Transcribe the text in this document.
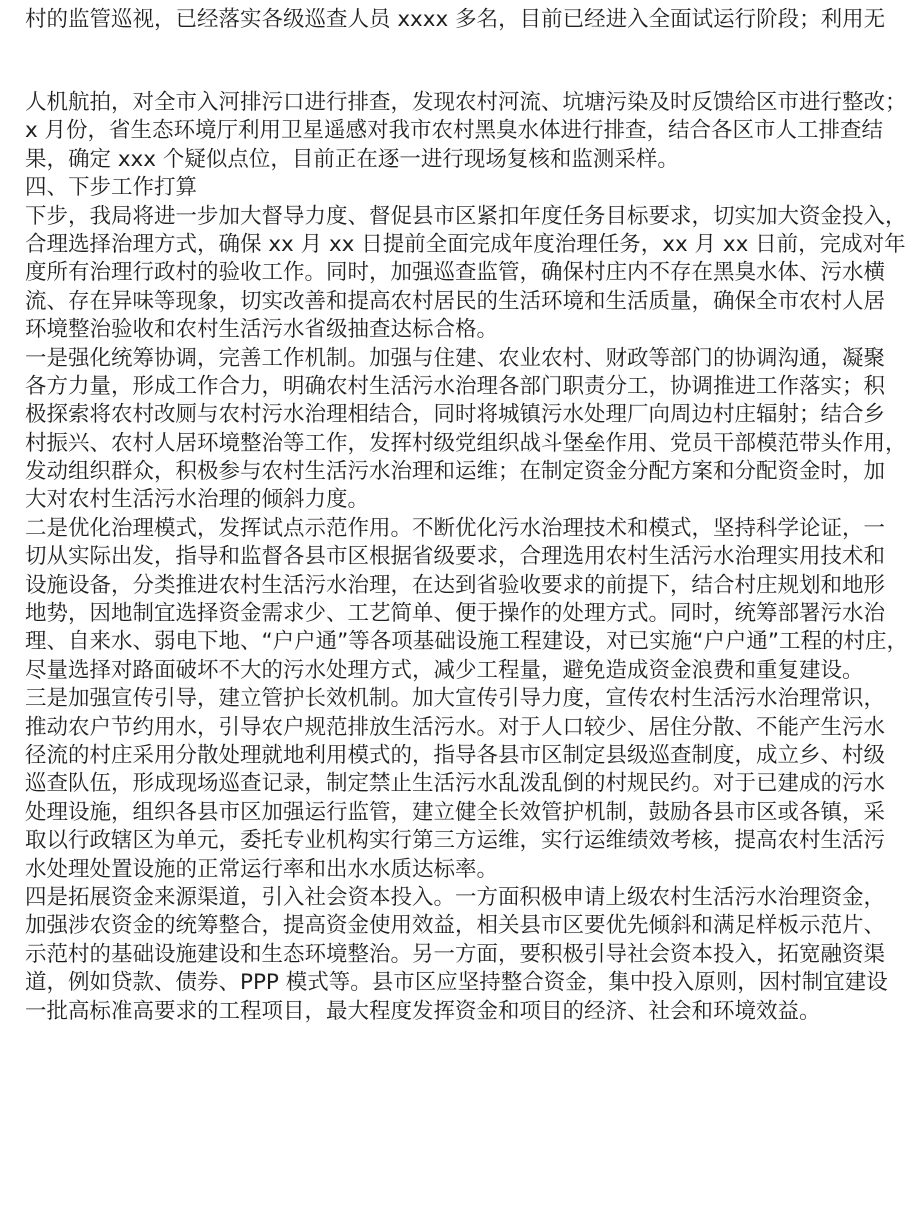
村的监管巡视，已经落实各级巡查人员 xxxx 多名，目前已经进入全面试运行阶段；利用无
人机航拍，对全市入河排污口进行排查，发现农村河流、坑塘污染及时反馈给区市进行整改；
x 月份，省生态环境厅利用卫星遥感对我市农村黑臭水体进行排查，结合各区市人工排查结
果，确定 xxx 个疑似点位，目前正在逐一进行现场复核和监测采样。
四、下步工作打算
下步，我局将进一步加大督导力度、督促县市区紧扣年度任务目标要求，切实加大资金投入，
合理选择治理方式，确保 xx 月 xx 日提前全面完成年度治理任务，xx 月 xx 日前，完成对年
度所有治理行政村的验收工作。同时，加强巡查监管，确保村庄内不存在黑臭水体、污水横
流、存在异味等现象，切实改善和提高农村居民的生活环境和生活质量，确保全市农村人居
环境整治验收和农村生活污水省级抽查达标合格。
一是强化统筹协调，完善工作机制。加强与住建、农业农村、财政等部门的协调沟通，凝聚
各方力量，形成工作合力，明确农村生活污水治理各部门职责分工，协调推进工作落实；积
极探索将农村改厕与农村污水治理相结合，同时将城镇污水处理厂向周边村庄辐射；结合乡
村振兴、农村人居环境整治等工作，发挥村级党组织战斗堡垒作用、党员干部模范带头作用，
发动组织群众，积极参与农村生活污水治理和运维；在制定资金分配方案和分配资金时，加
大对农村生活污水治理的倾斜力度。
二是优化治理模式，发挥试点示范作用。不断优化污水治理技术和模式，坚持科学论证，一
切从实际出发，指导和监督各县市区根据省级要求，合理选用农村生活污水治理实用技术和
设施设备，分类推进农村生活污水治理，在达到省验收要求的前提下，结合村庄规划和地形
地势，因地制宜选择资金需求少、工艺简单、便于操作的处理方式。同时，统筹部署污水治
理、自来水、弱电下地、“户户通”等各项基础设施工程建设，对已实施“户户通”工程的村庄，
尽量选择对路面破坏不大的污水处理方式，减少工程量，避免造成资金浪费和重复建设。
三是加强宣传引导，建立管护长效机制。加大宣传引导力度，宣传农村生活污水治理常识，
推动农户节约用水，引导农户规范排放生活污水。对于人口较少、居住分散、不能产生污水
径流的村庄采用分散处理就地利用模式的，指导各县市区制定县级巡查制度，成立乡、村级
巡查队伍，形成现场巡查记录，制定禁止生活污水乱泼乱倒的村规民约。对于已建成的污水
处理设施，组织各县市区加强运行监管，建立健全长效管护机制，鼓励各县市区或各镇，采
取以行政辖区为单元，委托专业机构实行第三方运维，实行运维绩效考核，提高农村生活污
水处理处置设施的正常运行率和出水水质达标率。
四是拓展资金来源渠道，引入社会资本投入。一方面积极申请上级农村生活污水治理资金，
加强涉农资金的统筹整合，提高资金使用效益，相关县市区要优先倾斜和满足样板示范片、
示范村的基础设施建设和生态环境整治。另一方面，要积极引导社会资本投入，拓宽融资渠
道，例如贷款、债券、PPP 模式等。县市区应坚持整合资金，集中投入原则，因村制宜建设
一批高标准高要求的工程项目，最大程度发挥资金和项目的经济、社会和环境效益。
